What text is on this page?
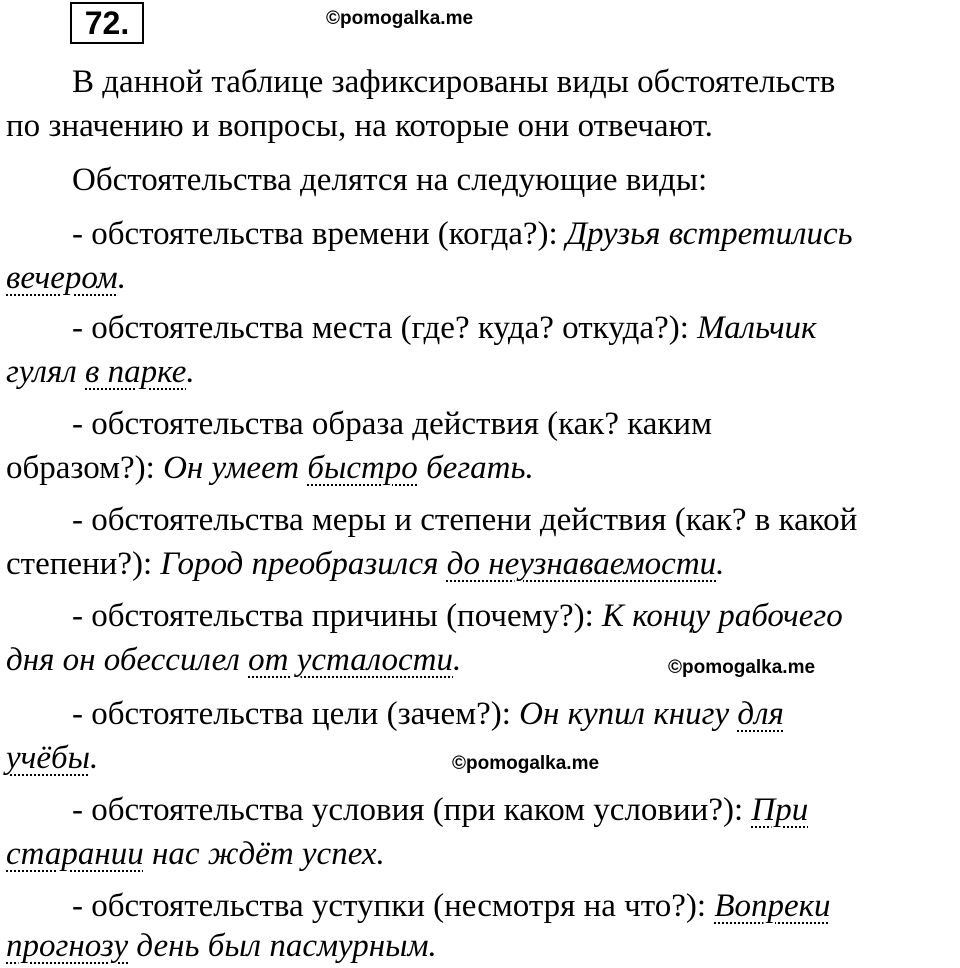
72.	©pomogalka.me
©pomogalka.me
©pomogalka.me
В данной таблице зафиксированы виды обстоятельств
по значению и вопросы, на которые они отвечают.
Обстоятельства делятся на следующие виды:
- обстоятельства времени (когда?): Друзья встретились
вечером.
- обстоятельства места (где? куда? откуда?): Мальчик
гулял в парке.
- обстоятельства образа действия (как? каким
образом?): Он умеет быстро бегать.
- обстоятельства меры и степени действия (как? в какой
степени?): Город преобразился до неузнаваемости.
- обстоятельства причины (почему?): К концу рабочего
дня он обессилел от усталости.
- обстоятельства цели (зачем?): Он купил книгу для
учёбы.
- обстоятельства условия (при каком условии?): При
старании нас ждёт успех.
- обстоятельства уступки (несмотря на что?): Вопреки
прогнозу день был пасмурным.
